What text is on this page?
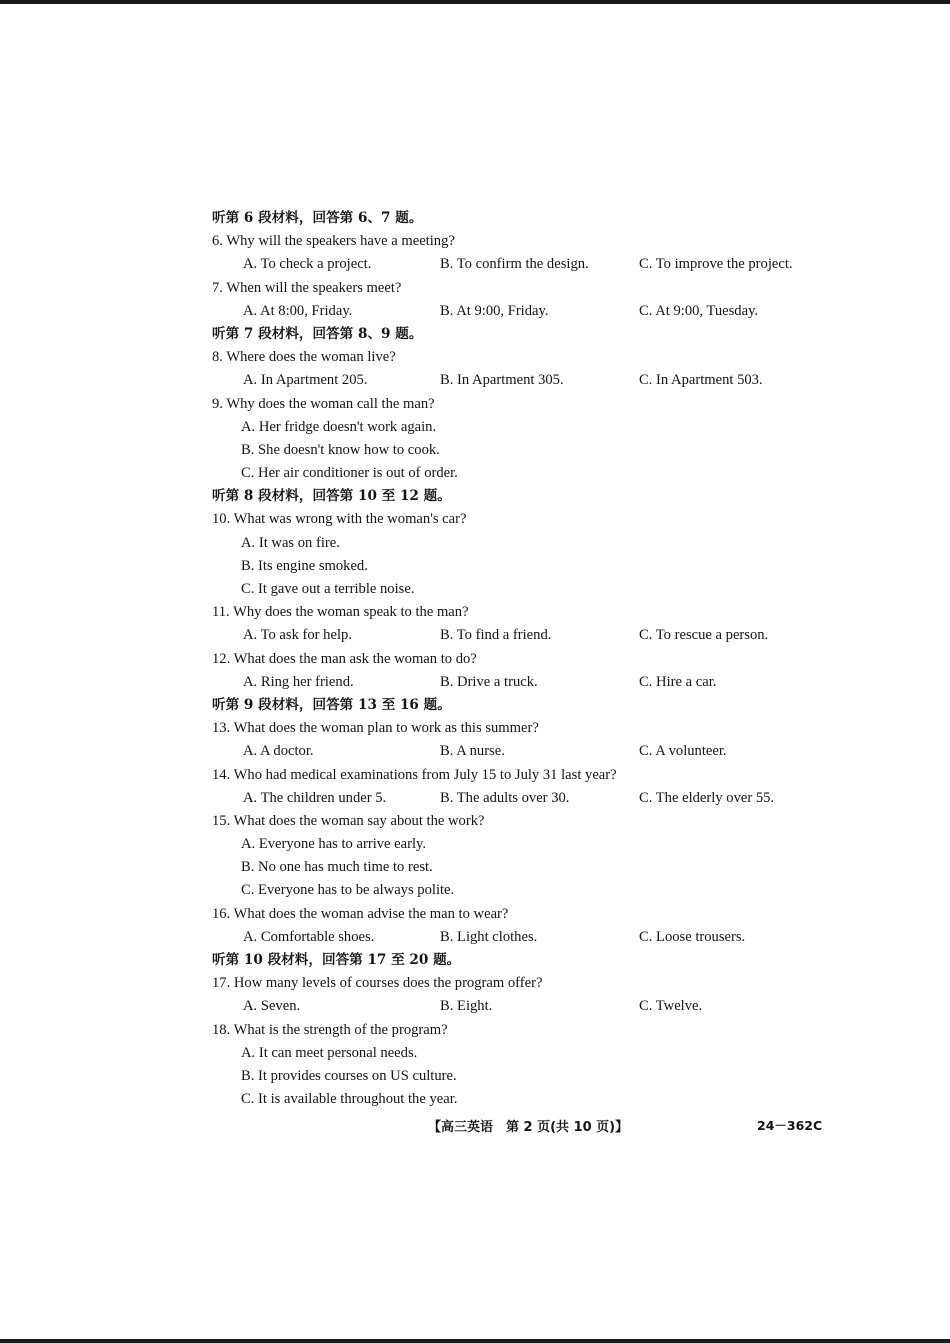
听第 6 段材料，回答第 6、7 题。
6. Why will the speakers have a meeting?
A. To check a project.	B. To confirm the design.	C. To improve the project.
7. When will the speakers meet?
A. At 8:00, Friday.	B. At 9:00, Friday.	C. At 9:00, Tuesday.
听第 7 段材料，回答第 8、9 题。
8. Where does the woman live?
A. In Apartment 205.	B. In Apartment 305.	C. In Apartment 503.
9. Why does the woman call the man?
A. Her fridge doesn't work again.
B. She doesn't know how to cook.
C. Her air conditioner is out of order.
听第 8 段材料，回答第 10 至 12 题。
10. What was wrong with the woman's car?
A. It was on fire.
B. Its engine smoked.
C. It gave out a terrible noise.
11. Why does the woman speak to the man?
A. To ask for help.	B. To find a friend.	C. To rescue a person.
12. What does the man ask the woman to do?
A. Ring her friend.	B. Drive a truck.	C. Hire a car.
听第 9 段材料，回答第 13 至 16 题。
13. What does the woman plan to work as this summer?
A. A doctor.	B. A nurse.	C. A volunteer.
14. Who had medical examinations from July 15 to July 31 last year?
A. The children under 5.	B. The adults over 30.	C. The elderly over 55.
15. What does the woman say about the work?
A. Everyone has to arrive early.
B. No one has much time to rest.
C. Everyone has to be always polite.
16. What does the woman advise the man to wear?
A. Comfortable shoes.	B. Light clothes.	C. Loose trousers.
听第 10 段材料，回答第 17 至 20 题。
17. How many levels of courses does the program offer?
A. Seven.	B. Eight.	C. Twelve.
18. What is the strength of the program?
A. It can meet personal needs.
B. It provides courses on US culture.
C. It is available throughout the year.
【高三英语　第 2 页(共 10 页)】	24－362C
